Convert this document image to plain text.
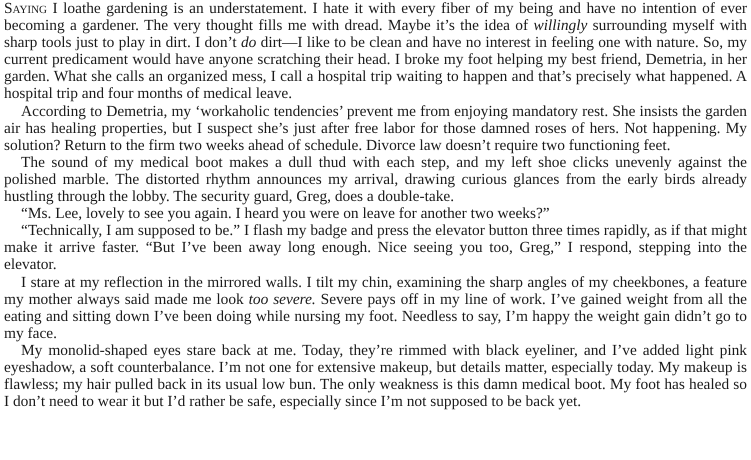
Saying I loathe gardening is an understatement. I hate it with every fiber of my being and have no intention of ever becoming a gardener. The very thought fills me with dread. Maybe it’s the idea of willingly surrounding myself with sharp tools just to play in dirt. I don’t do dirt—I like to be clean and have no interest in feeling one with nature. So, my current predicament would have anyone scratching their head. I broke my foot helping my best friend, Demetria, in her garden. What she calls an organized mess, I call a hospital trip waiting to happen and that’s precisely what happened. A hospital trip and four months of medical leave.

According to Demetria, my ‘workaholic tendencies’ prevent me from enjoying mandatory rest. She insists the garden air has healing properties, but I suspect she’s just after free labor for those damned roses of hers. Not happening. My solution? Return to the firm two weeks ahead of schedule. Divorce law doesn’t require two functioning feet.

The sound of my medical boot makes a dull thud with each step, and my left shoe clicks unevenly against the polished marble. The distorted rhythm announces my arrival, drawing curious glances from the early birds already hustling through the lobby. The security guard, Greg, does a double-take.

“Ms. Lee, lovely to see you again. I heard you were on leave for another two weeks?”

“Technically, I am supposed to be.” I flash my badge and press the elevator button three times rapidly, as if that might make it arrive faster. “But I’ve been away long enough. Nice seeing you too, Greg,” I respond, stepping into the elevator.

I stare at my reflection in the mirrored walls. I tilt my chin, examining the sharp angles of my cheekbones, a feature my mother always said made me look too severe. Severe pays off in my line of work. I’ve gained weight from all the eating and sitting down I’ve been doing while nursing my foot. Needless to say, I’m happy the weight gain didn’t go to my face.

My monolid-shaped eyes stare back at me. Today, they’re rimmed with black eyeliner, and I’ve added light pink eyeshadow, a soft counterbalance. I’m not one for extensive makeup, but details matter, especially today. My makeup is flawless; my hair pulled back in its usual low bun. The only weakness is this damn medical boot. My foot has healed so I don’t need to wear it but I’d rather be safe, especially since I’m not supposed to be back yet.
